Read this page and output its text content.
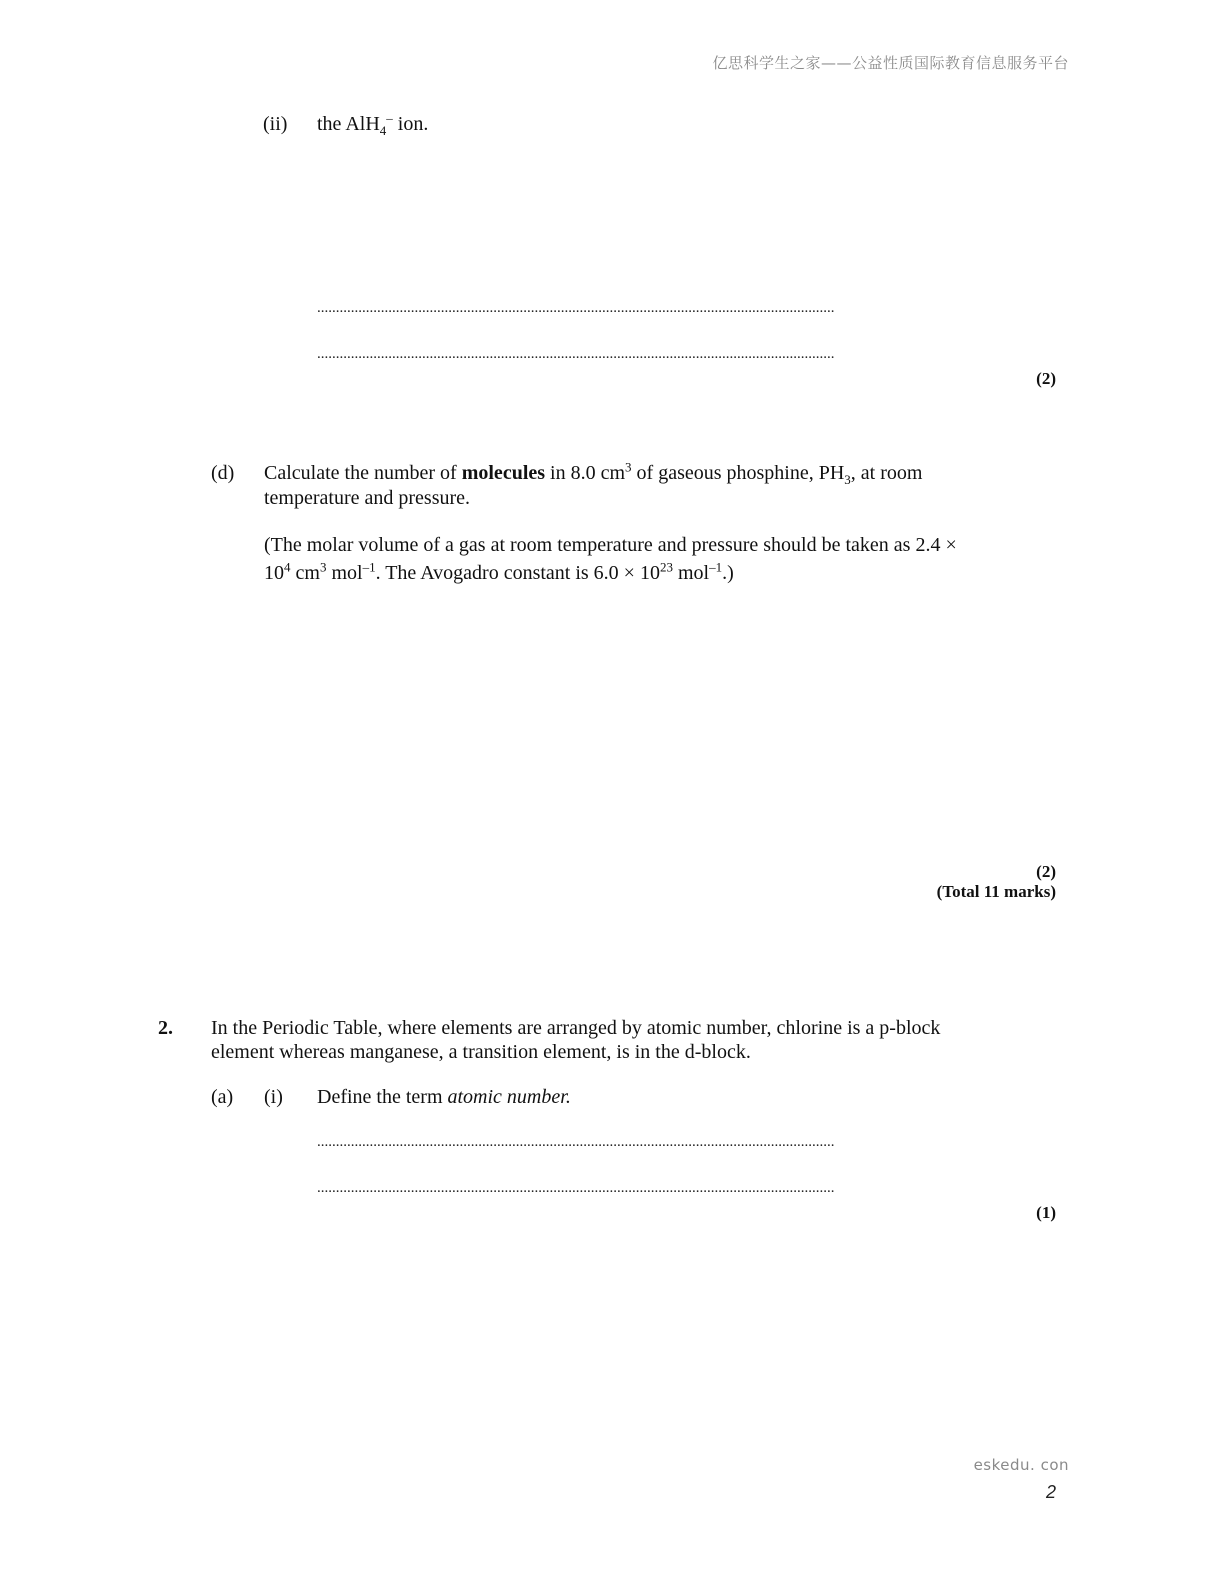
亿思科学生之家——公益性质国际教育信息服务平台
(ii) the AlH$_4$– ion.
..........................................................................................................................................
..........................................................................................................................................
(2)
(d) Calculate the number of molecules in 8.0 $cm^3$ of gaseous phosphine, $PH_3$, at room
temperature and pressure.
(The molar volume of a gas at room temperature and pressure should be taken as 2.4 ×
$10^4$ $cm^3$ mol$^{-1}$. The Avogadro constant is $6.0 \times 10^{23}$ mol$^{-1}$.)
(2)
(Total 11 marks)
2. In the Periodic Table, where elements are arranged by atomic number, chlorine is a p-block
element whereas manganese, a transition element, is in the d-block.
(a) (i) Define the term atomic number.
..........................................................................................................................................
..........................................................................................................................................
(1)
eskedu. con
2
